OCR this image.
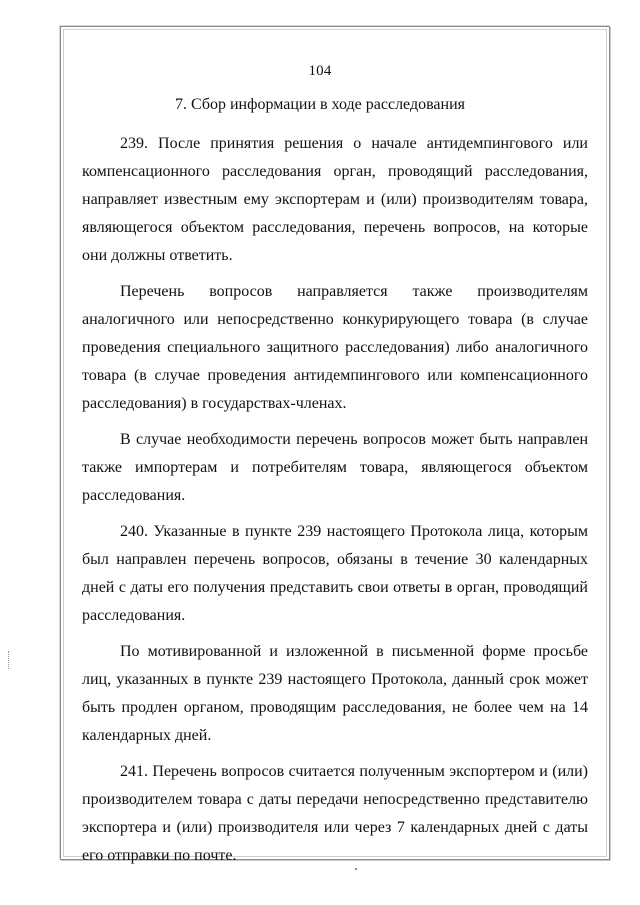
104
7. Сбор информации в ходе расследования

239. После принятия решения о начале антидемпингового или компенсационного расследования орган, проводящий расследования, направляет известным ему экспортерам и (или) производителям товара, являющегося объектом расследования, перечень вопросов, на которые они должны ответить.

Перечень вопросов направляется также производителям аналогичного или непосредственно конкурирующего товара (в случае проведения специального защитного расследования) либо аналогичного товара (в случае проведения антидемпингового или компенсационного расследования) в государствах-членах.

В случае необходимости перечень вопросов может быть направлен также импортерам и потребителям товара, являющегося объектом расследования.

240. Указанные в пункте 239 настоящего Протокола лица, которым был направлен перечень вопросов, обязаны в течение 30 календарных дней с даты его получения представить свои ответы в орган, проводящий расследования.

По мотивированной и изложенной в письменной форме просьбе лиц, указанных в пункте 239 настоящего Протокола, данный срок может быть продлен органом, проводящим расследования, не более чем на 14 календарных дней.

241. Перечень вопросов считается полученным экспортером и (или) производителем товара с даты передачи непосредственно представителю экспортера и (или) производителя или через 7 календарных дней с даты его отправки по почте.
